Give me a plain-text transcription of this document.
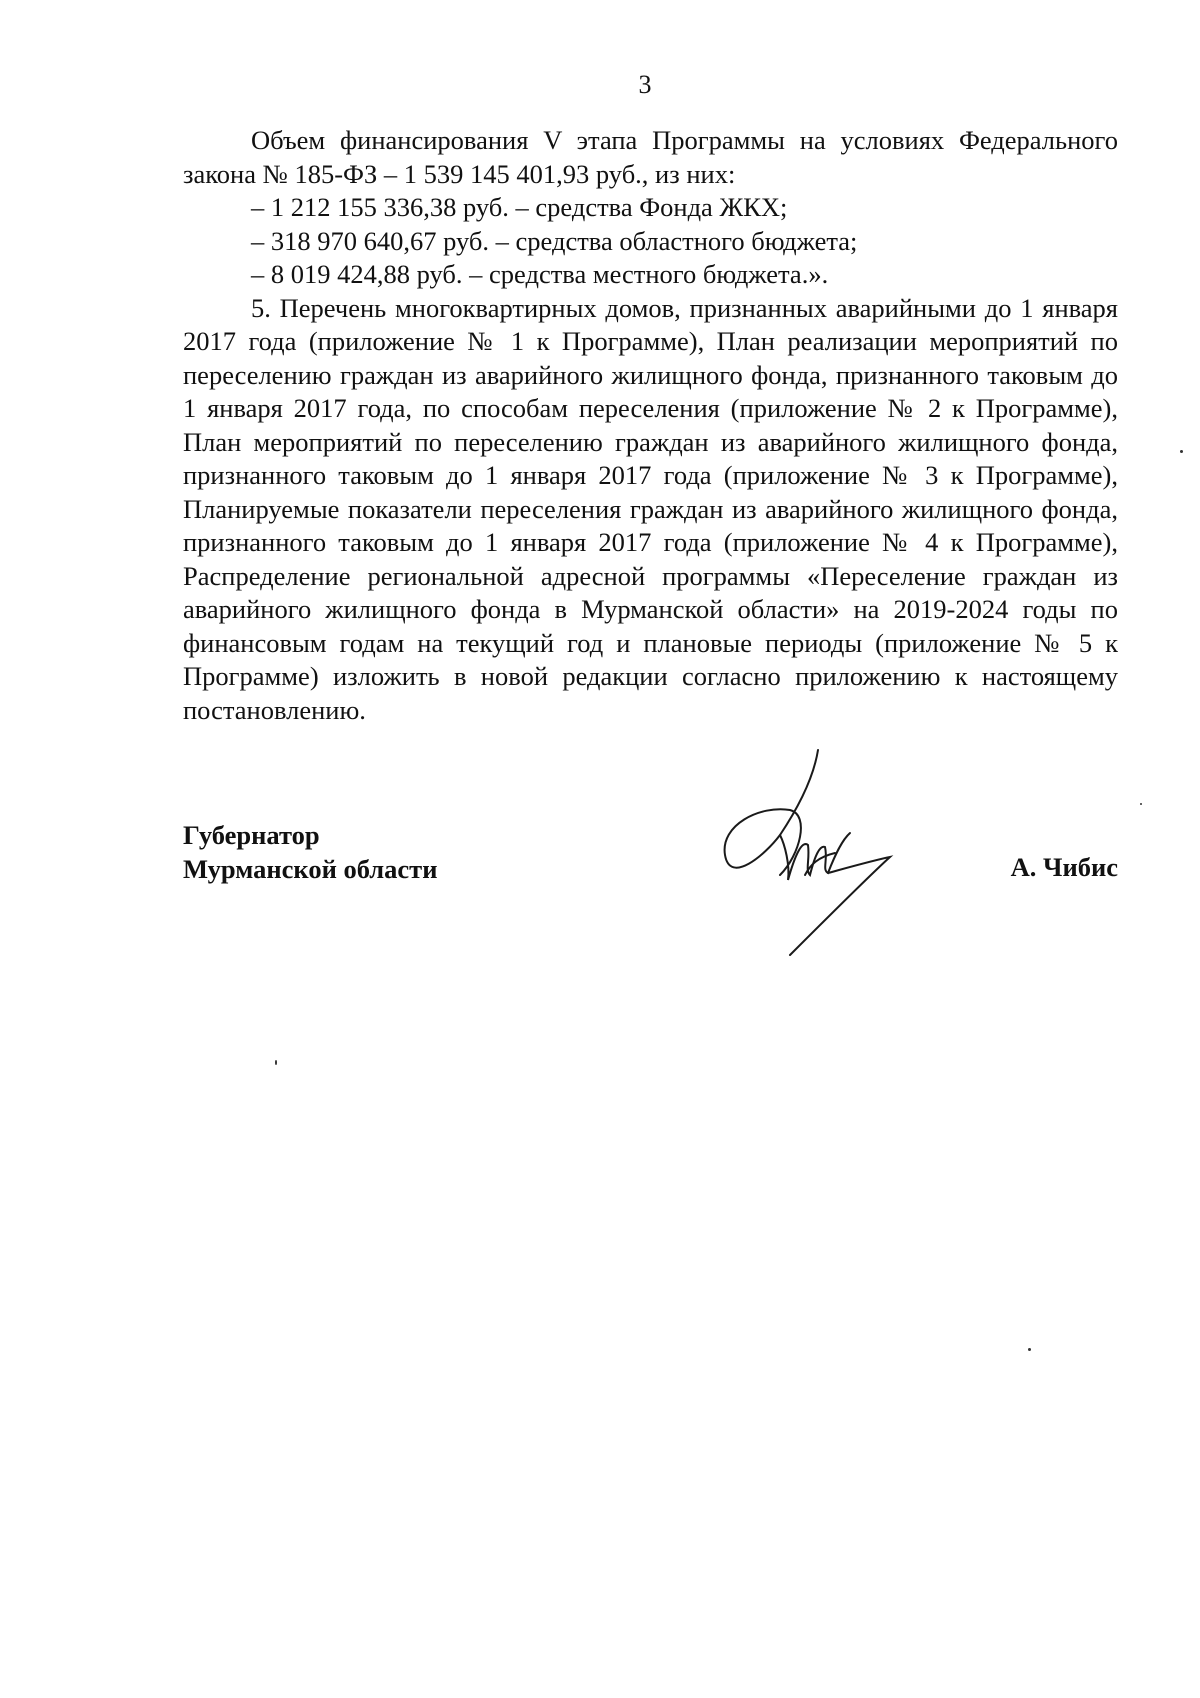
3

Объем финансирования V этапа Программы на условиях Федерального закона № 185-ФЗ – 1 539 145 401,93 руб., из них:

– 1 212 155 336,38 руб. – средства Фонда ЖКХ;

– 318 970 640,67 руб. – средства областного бюджета;

– 8 019 424,88 руб. – средства местного бюджета.».

5. Перечень многоквартирных домов, признанных аварийными до 1 января 2017 года (приложение № 1 к Программе), План реализации мероприятий по переселению граждан из аварийного жилищного фонда, признанного таковым до 1 января 2017 года, по способам переселения (приложение № 2 к Программе), План мероприятий по переселению граждан из аварийного жилищного фонда, признанного таковым до 1 января 2017 года (приложение № 3 к Программе), Планируемые показатели переселения граждан из аварийного жилищного фонда, признанного таковым до 1 января 2017 года (приложение № 4 к Программе), Распределение региональной адресной программы «Переселение граждан из аварийного жилищного фонда в Мурманской области» на 2019-2024 годы по финансовым годам на текущий год и плановые периоды (приложение № 5 к Программе) изложить в новой редакции согласно приложению к настоящему постановлению.

Губернатор
Мурманской области	А. Чибис
